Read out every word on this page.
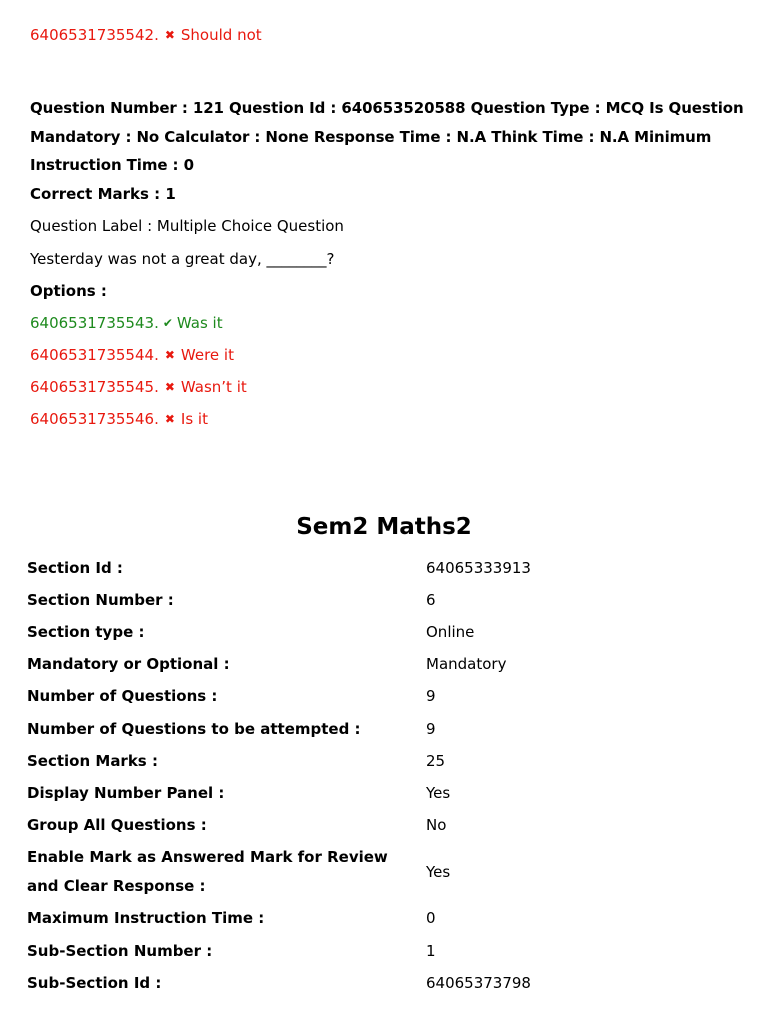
6406531735542. ✖ Should not
Question Number : 121 Question Id : 640653520588 Question Type : MCQ Is Question Mandatory : No Calculator : None Response Time : N.A Think Time : N.A Minimum Instruction Time : 0
Correct Marks : 1
Question Label : Multiple Choice Question
Yesterday was not a great day, ________?
Options :
6406531735543. ✔ Was it
6406531735544. ✖ Were it
6406531735545. ✖ Wasn’t it
6406531735546. ✖ Is it
Sem2 Maths2
Section Id :	64065333913
Section Number :	6
Section type :	Online
Mandatory or Optional :	Mandatory
Number of Questions :	9
Number of Questions to be attempted :	9
Section Marks :	25
Display Number Panel :	Yes
Group All Questions :	No
Enable Mark as Answered Mark for Review and Clear Response :
Yes
Maximum Instruction Time :	0
Sub-Section Number :	1
Sub-Section Id :	64065373798
